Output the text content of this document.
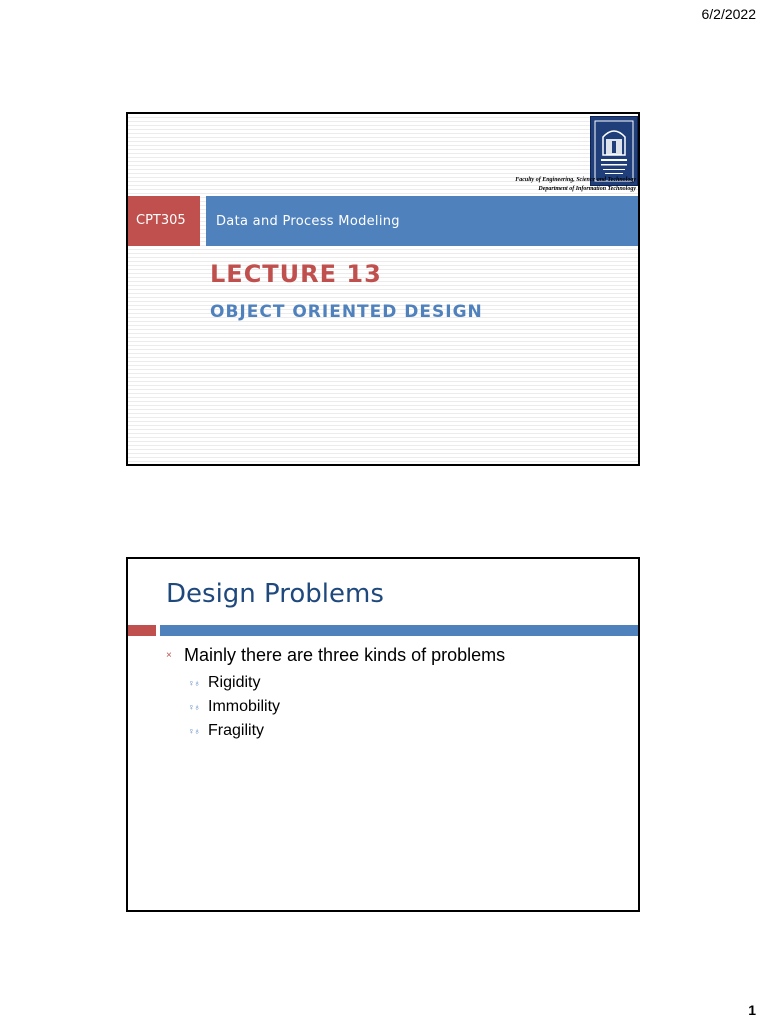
6/2/2022
Faculty of Engineering, Science and Technology
Department of Information Technology
CPT305 Data and Process Modeling
LECTURE 13
OBJECT ORIENTED DESIGN
Design Problems
× Mainly there are three kinds of problems
♀♁ Rigidity
♀♁ Immobility
♀♁ Fragility
1
